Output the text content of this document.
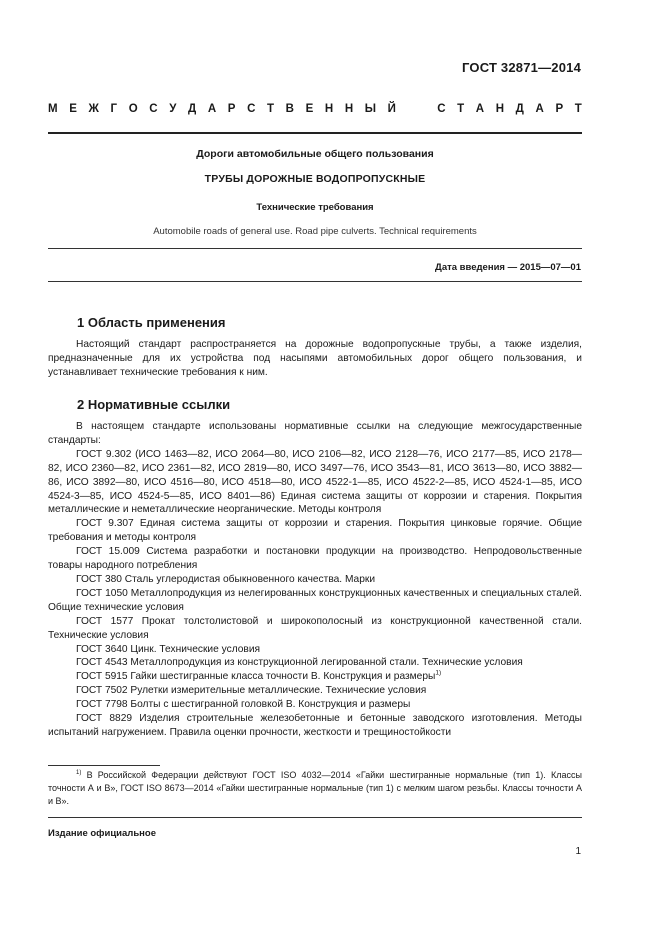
ГОСТ 32871—2014
М Е Ж Г О С У Д А Р С Т В Е Н Н Ы Й

	С Т А Н Д А Р Т
Дороги автомобильные общего пользования
ТРУБЫ ДОРОЖНЫЕ ВОДОПРОПУСКНЫЕ
Технические требования
Automobile roads of general use. Road pipe culverts. Technical requirements
Дата введения — 2015—07—01
1 Область применения

Настоящий стандарт распространяется на дорожные водопропускные трубы, а также изделия, предназначенные для их устройства под насыпями автомобильных дорог общего пользования, и устанавливает технические требования к ним.

2 Нормативные ссылки

В настоящем стандарте использованы нормативные ссылки на следующие межгосударственные стандарты:

ГОСТ 9.302 (ИСО 1463—82, ИСО 2064—80, ИСО 2106—82, ИСО 2128—76, ИСО 2177—85, ИСО 2178—82, ИСО 2360—82, ИСО 2361—82, ИСО 2819—80, ИСО 3497—76, ИСО 3543—81, ИСО 3613—80, ИСО 3882—86, ИСО 3892—80, ИСО 4516—80, ИСО 4518—80, ИСО 4522-1—85, ИСО 4522-2—85, ИСО 4524-1—85, ИСО 4524-3—85, ИСО 4524-5—85, ИСО 8401—86) Единая система защиты от коррозии и старения. Покрытия металлические и неметаллические неорганические. Методы контроля

ГОСТ 9.307 Единая система защиты от коррозии и старения. Покрытия цинковые горячие. Общие требования и методы контроля

ГОСТ 15.009 Система разработки и постановки продукции на производство. Непродовольственные товары народного потребления

ГОСТ 380 Сталь углеродистая обыкновенного качества. Марки

ГОСТ 1050 Металлопродукция из нелегированных конструкционных качественных и специальных сталей. Общие технические условия

ГОСТ 1577 Прокат толстолистовой и широкополосный из конструкционной качественной стали. Технические условия

ГОСТ 3640 Цинк. Технические условия

ГОСТ 4543 Металлопродукция из конструкционной легированной стали. Технические условия

ГОСТ 5915 Гайки шестигранные класса точности В. Конструкция и размеры$^{1)}$

ГОСТ 7502 Рулетки измерительные металлические. Технические условия

ГОСТ 7798 Болты с шестигранной головкой В. Конструкция и размеры

ГОСТ 8829 Изделия строительные железобетонные и бетонные заводского изготовления. Методы испытаний нагружением. Правила оценки прочности, жесткости и трещиностойкости

$^{1)}$ В Российской Федерации действуют ГОСТ ISO 4032—2014 «Гайки шестигранные нормальные (тип 1). Классы точности А и В», ГОСТ ISO 8673—2014 «Гайки шестигранные нормальные (тип 1) с мелким шагом резьбы. Классы точности А и В».

Издание официальное
1
